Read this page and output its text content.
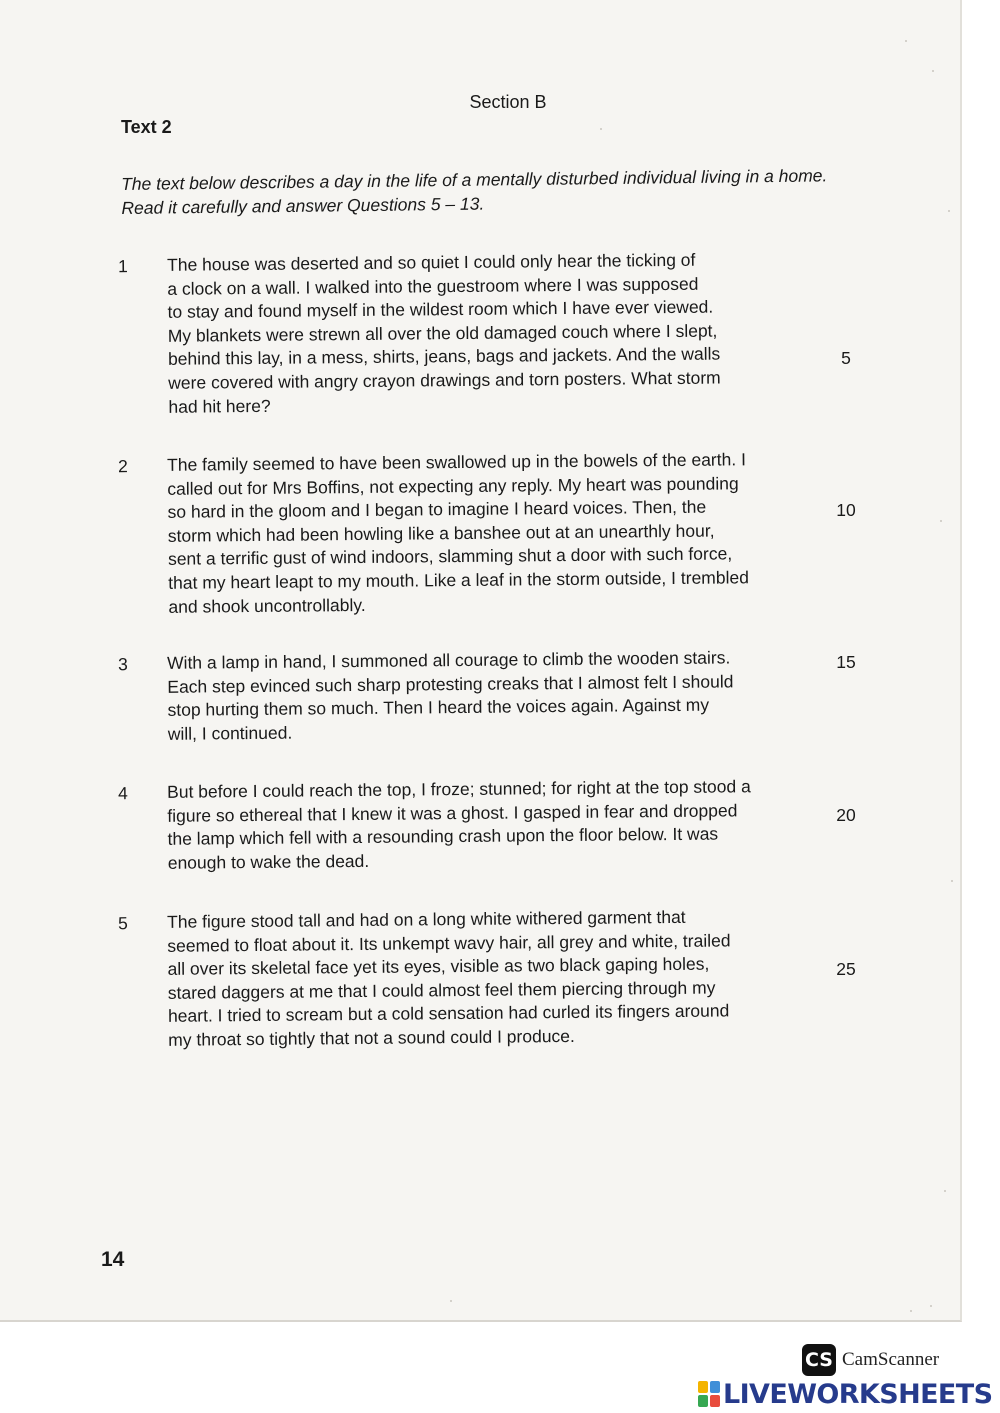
Section B
Text 2

The text below describes a day in the life of a mentally disturbed individual living in a home.

Read it carefully and answer Questions 5 – 13.

1 The house was deserted and so quiet I could only hear the ticking of
a clock on a wall. I walked into the guestroom where I was supposed
to stay and found myself in the wildest room which I have ever viewed.
My blankets were strewn all over the old damaged couch where I slept,
behind this lay, in a mess, shirts, jeans, bags and jackets. And the walls
were covered with angry crayon drawings and torn posters. What storm
had hit here?
2 The family seemed to have been swallowed up in the bowels of the earth. I
called out for Mrs Boffins, not expecting any reply. My heart was pounding
so hard in the gloom and I began to imagine I heard voices. Then, the
storm which had been howling like a banshee out at an unearthly hour,
sent a terrific gust of wind indoors, slamming shut a door with such force,
that my heart leapt to my mouth. Like a leaf in the storm outside, I trembled
and shook uncontrollably.
3 With a lamp in hand, I summoned all courage to climb the wooden stairs.
Each step evinced such sharp protesting creaks that I almost felt I should
stop hurting them so much. Then I heard the voices again. Against my
will, I continued.
4 But before I could reach the top, I froze; stunned; for right at the top stood a
figure so ethereal that I knew it was a ghost. I gasped in fear and dropped
the lamp which fell with a resounding crash upon the floor below. It was
enough to wake the dead.
5 The figure stood tall and had on a long white withered garment that
seemed to float about it. Its unkempt wavy hair, all grey and white, trailed
all over its skeletal face yet its eyes, visible as two black gaping holes,
stared daggers at me that I could almost feel them piercing through my
heart. I tried to scream but a cold sensation had curled its fingers around
my throat so tightly that not a sound could I produce.
5
10
15
20
25
14
CS CamScanner
LIVEWORKSHEETS
